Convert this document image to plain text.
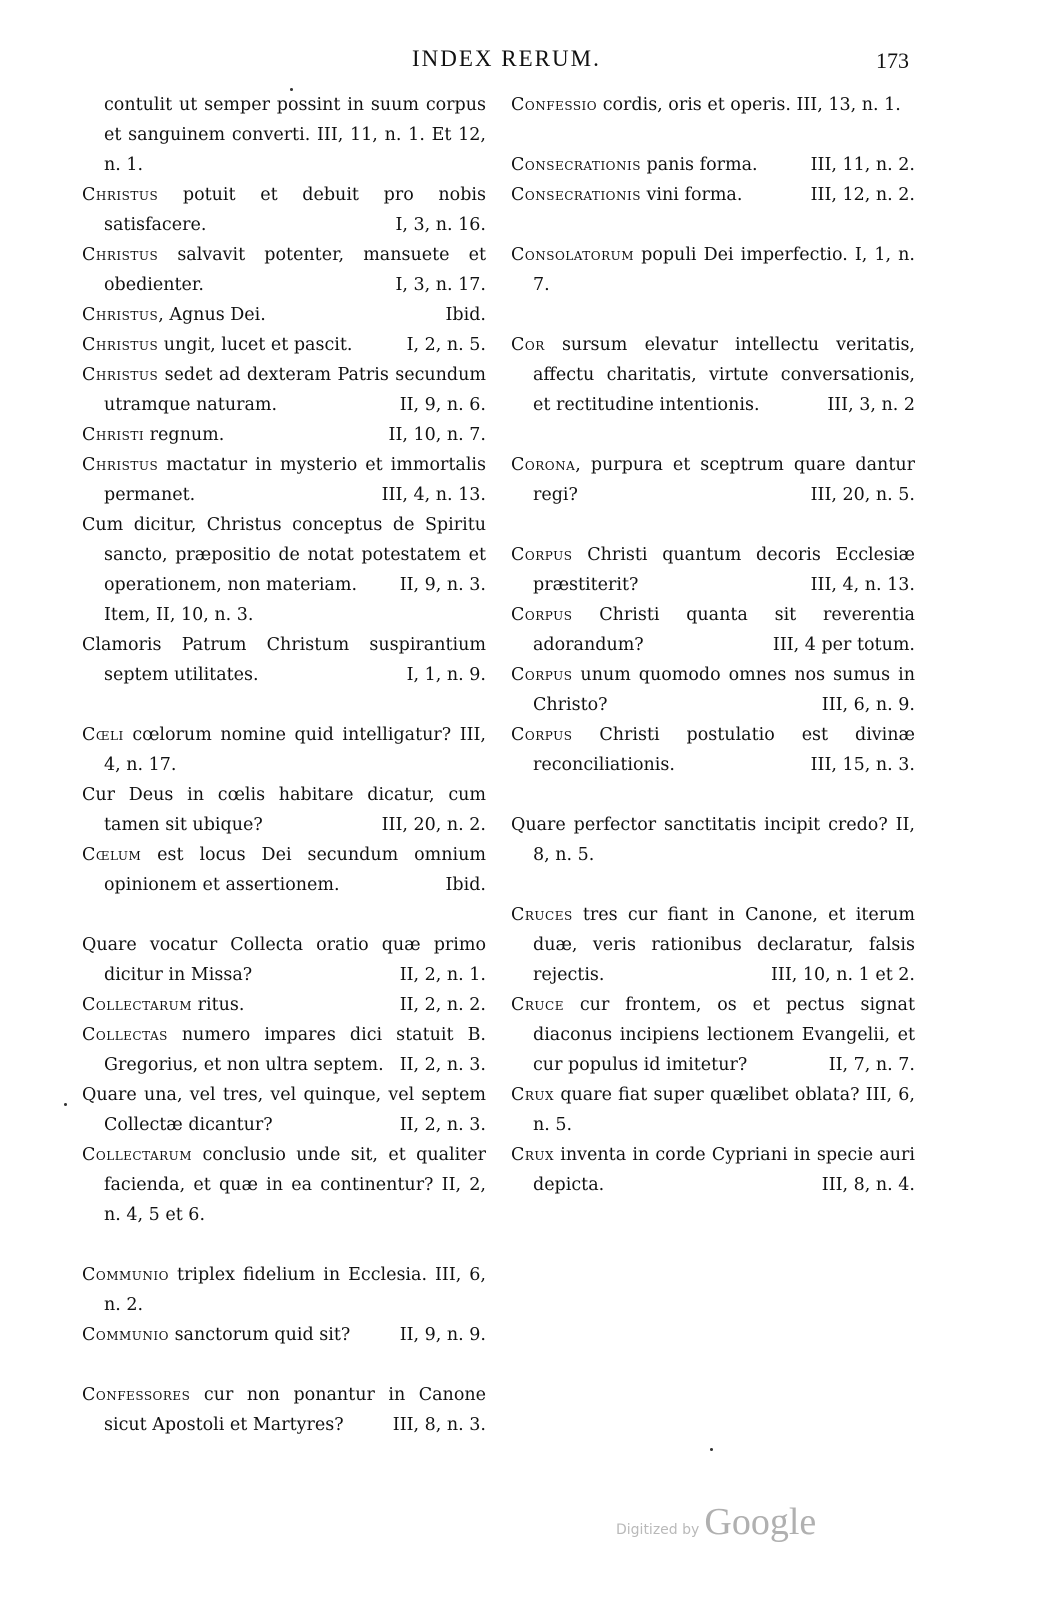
INDEX RERUM.	173
contulit ut semper possint in suum corpus et sanguinem converti. III, 11, n. 1. Et 12, n. 1.
Christus potuit et debuit pro nobis satisfacere.	I, 3, n. 16.
Christus salvavit potenter, mansuete et obedienter.	I, 3, n. 17.
Christus, Agnus Dei.	Ibid.
Christus ungit, lucet et pascit.	I, 2, n. 5.
Christus sedet ad dexteram Patris secundum utramque naturam.	II, 9, n. 6.
Christi regnum.	II, 10, n. 7.
Christus mactatur in mysterio et immortalis permanet.	III, 4, n. 13.
Cum dicitur, Christus conceptus de Spiritu sancto, præpositio de notat potestatem et operationem, non materiam. II, 9, n. 3.
Item, II, 10, n. 3.
Clamoris Patrum Christum suspirantium septem utilitates.	I, 1, n. 9.
Cœli cœlorum nomine quid intelligatur? III, 4, n. 17.
Cur Deus in cœlis habitare dicatur, cum tamen sit ubique?	III, 20, n. 2.
Cœlum est locus Dei secundum omnium opinionem et assertionem.	Ibid.
Quare vocatur Collecta oratio quæ primo dicitur in Missa?	II, 2, n. 1.
Collectarum ritus.	II, 2, n. 2.
Collectas numero impares dici statuit B. Gregorius, et non ultra septem. II, 2, n. 3.
Quare una, vel tres, vel quinque, vel septem Collectæ dicantur?	II, 2, n. 3.
Collectarum conclusio unde sit, et qualiter facienda, et quæ in ea continentur? II, 2, n. 4, 5 et 6.
Communio triplex fidelium in Ecclesia. III, 6, n. 2.
Communio sanctorum quid sit?	II, 9, n. 9.
Confessores cur non ponantur in Canone sicut Apostoli et Martyres?	III, 8, n. 3.
Confessio cordis, oris et operis. III, 13, n. 1.
Consecrationis panis forma.	III, 11, n. 2.
Consecrationis vini forma.	III, 12, n. 2.
Consolatorum populi Dei imperfectio. I, 1, n. 7.
Cor sursum elevatur intellectu veritatis, affectu charitatis, virtute conversationis, et rectitudine intentionis.	III, 3, n. 2
Corona, purpura et sceptrum quare dantur regi?	III, 20, n. 5.
Corpus Christi quantum decoris Ecclesiæ præstiterit?	III, 4, n. 13.
Corpus Christi quanta sit reverentia adorandum?	III, 4 per totum.
Corpus unum quomodo omnes nos sumus in Christo?	III, 6, n. 9.
Corpus Christi postulatio est divinæ reconciliationis.	III, 15, n. 3.
Quare perfector sanctitatis incipit credo? II, 8, n. 5.
Cruces tres cur fiant in Canone, et iterum duæ, veris rationibus declaratur, falsis rejectis.	III, 10, n. 1 et 2.
Cruce cur frontem, os et pectus signat diaconus incipiens lectionem Evangelii, et cur populus id imitetur?	II, 7, n. 7.
Crux quare fiat super quælibet oblata? III, 6, n. 5.
Crux inventa in corde Cypriani in specie auri depicta.	III, 8, n. 4.
Digitized by Google
